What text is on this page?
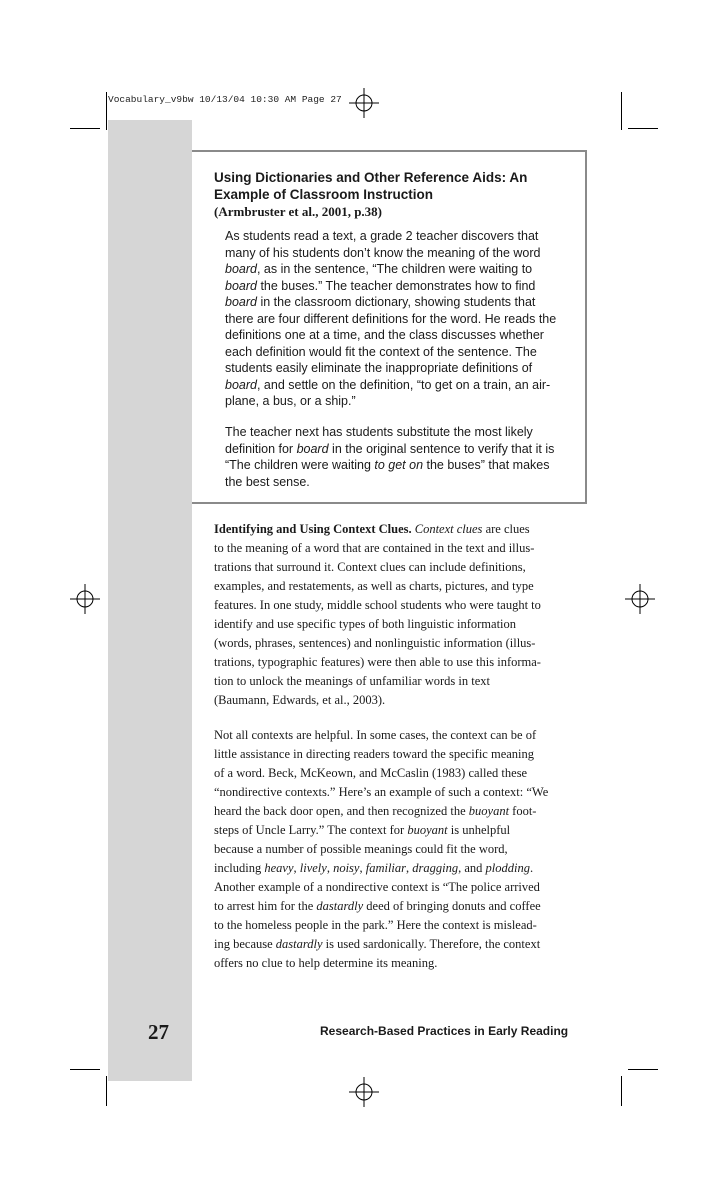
Vocabulary_v9bw 10/13/04 10:30 AM Page 27
Using Dictionaries and Other Reference Aids: An Example of Classroom Instruction
(Armbruster et al., 2001, p.38)
As students read a text, a grade 2 teacher discovers that
many of his students don’t know the meaning of the word
board, as in the sentence, “The children were waiting to
board the buses.” The teacher demonstrates how to find
board in the classroom dictionary, showing students that
there are four different definitions for the word. He reads the
definitions one at a time, and the class discusses whether
each definition would fit the context of the sentence. The
students easily eliminate the inappropriate definitions of
board, and settle on the definition, “to get on a train, an air-
plane, a bus, or a ship.”
The teacher next has students substitute the most likely
definition for board in the original sentence to verify that it is
“The children were waiting to get on the buses” that makes
the best sense.
Identifying and Using Context Clues. Context clues are clues
to the meaning of a word that are contained in the text and illus-
trations that surround it. Context clues can include definitions,
examples, and restatements, as well as charts, pictures, and type
features. In one study, middle school students who were taught to
identify and use specific types of both linguistic information
(words, phrases, sentences) and nonlinguistic information (illus-
trations, typographic features) were then able to use this informa-
tion to unlock the meanings of unfamiliar words in text
(Baumann, Edwards, et al., 2003).
Not all contexts are helpful. In some cases, the context can be of
little assistance in directing readers toward the specific meaning
of a word. Beck, McKeown, and McCaslin (1983) called these
“nondirective contexts.” Here’s an example of such a context: “We
heard the back door open, and then recognized the buoyant foot-
steps of Uncle Larry.” The context for buoyant is unhelpful
because a number of possible meanings could fit the word,
including heavy, lively, noisy, familiar, dragging, and plodding.
Another example of a nondirective context is “The police arrived
to arrest him for the dastardly deed of bringing donuts and coffee
to the homeless people in the park.” Here the context is mislead-
ing because dastardly is used sardonically. Therefore, the context
offers no clue to help determine its meaning.
27	Research-Based Practices in Early Reading
